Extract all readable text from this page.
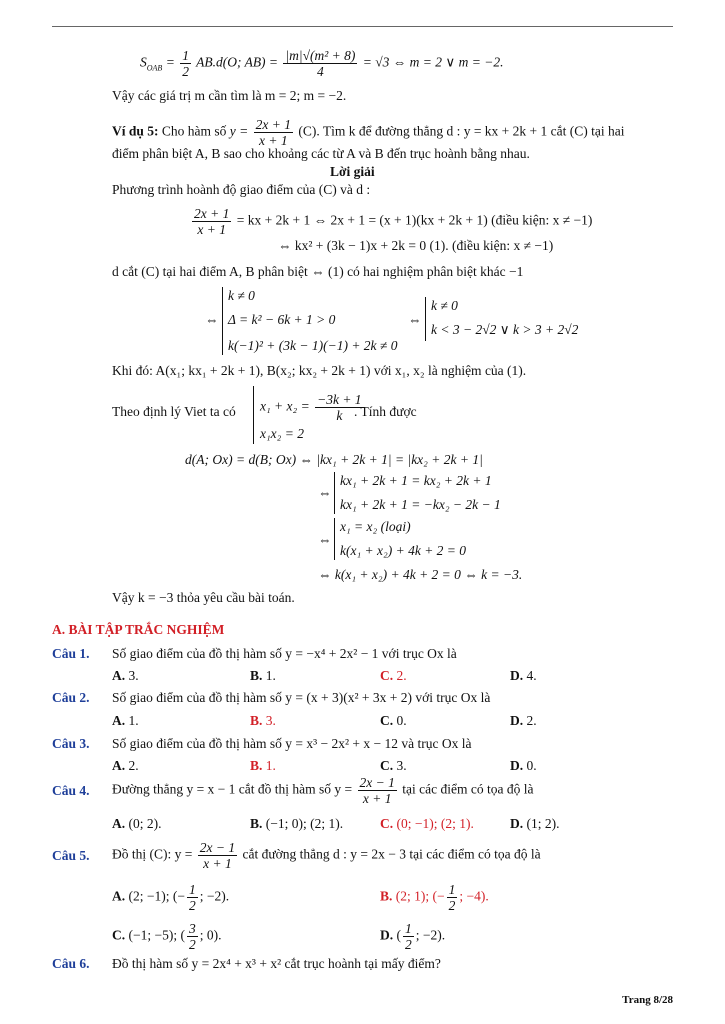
$S_{OAB} = \frac{1}{2} AB.d(O$; $AB) = \frac{\text{|m|√(m² + 8)}}{4} = √3$ ⇔ m = 2 ∨ m = −2.
Vậy các giá trị m cần tìm là m = 2; m = −2.
Ví dụ 5: Cho hàm số $y = \frac{2x + 1}{x + 1} (C)$. Tìm k để đường thẳng d : y = kx + 2k + 1 cắt (C) tại hai
điểm phân biệt A, B sao cho khoảng các từ A và B đến trục hoành bằng nhau.
Lời giải
Phương trình hoành độ giao điểm của (C) và d :
$\frac{2x + 1}{x + 1}$ = kx + 2k + 1 ⇔ 2x + 1 = (x + 1)(kx + 2k + 1) (điều kiện: x ≠ −1)
⇔ kx² + (3k − 1)x + 2k = 0 (1). (điều kiện: x ≠ −1)
d cắt (C) tại hai điểm A, B phân biệt ⇔ (1) có hai nghiệm phân biệt khác −1
⇔
k ≠ 0
Δ = k² − 6k + 1 > 0
k(−1)² + (3k − 1)(−1) + 2k ≠ 0
⇔
k ≠ 0
k < 3 − 2√2 ∨ k > 3 + 2√2
Khi đó: A(x₁; kx₁ + 2k + 1), B(x₂; kx₂ + 2k + 1) với x₁, x₂ là nghiệm của (1).
Theo định lý Viet ta có $x_1 + x_2 = \frac{-3k + 1}{k}$
x₁x₂ = 2
. Tính được
d(A; Ox) = d(B; Ox) ⇔ |kx₁ + 2k + 1| = |kx₂ + 2k + 1|
⇔
kx₁ + 2k + 1 = kx₂ + 2k + 1
kx₁ + 2k + 1 = −kx₂ − 2k − 1
⇔
x₁ = x₂ (loại)
k(x₁ + x₂) + 4k + 2 = 0
⇔ k(x₁ + x₂) + 4k + 2 = 0 ⇔ k = −3.
Vậy k = −3 thỏa yêu cầu bài toán.
A. BÀI TẬP TRẮC NGHIỆM
Câu 1. Số giao điểm của đồ thị hàm số y = −x⁴ + 2x² − 1 với trục Ox là
A. 3.	B. 1.	C. 2.	D. 4.
Câu 2. Số giao điểm của đồ thị hàm số y = (x + 3)(x² + 3x + 2) với trục Ox là
A. 1.	B. 3.	C. 0.	D. 2.
Câu 3. Số giao điểm của đồ thị hàm số y = x³ − 2x² + x − 12 và trục Ox là
A. 2.	B. 1.	C. 3.	D. 0.
Câu 4. Đường thẳng y = x − 1 cắt đồ thị hàm số $y = \frac{2x - 1}{x + 1}$ tại các điểm có tọa độ là
A. (0; 2).	B. (−1; 0); (2; 1).	C. (0; −1); (2; 1).	D. (1; 2).
Câu 5. Đồ thị (C): $y = \frac{2x - 1}{x + 1}$ cắt đường thẳng d : y = 2x − 3 tại các điểm có tọa độ là
A. (2; −1); (− $\frac{1}{2}$ ; −2).	B. (2; 1); (− $\frac{1}{2}$ ; −4).
C. (−1; −5); ( $\frac{3}{2}$ ; 0).	D. ( $\frac{1}{2}$ ; −2).
Câu 6. Đồ thị hàm số y = 2x⁴ + x³ + x² cắt trục hoành tại mấy điểm?
Trang 8/28
